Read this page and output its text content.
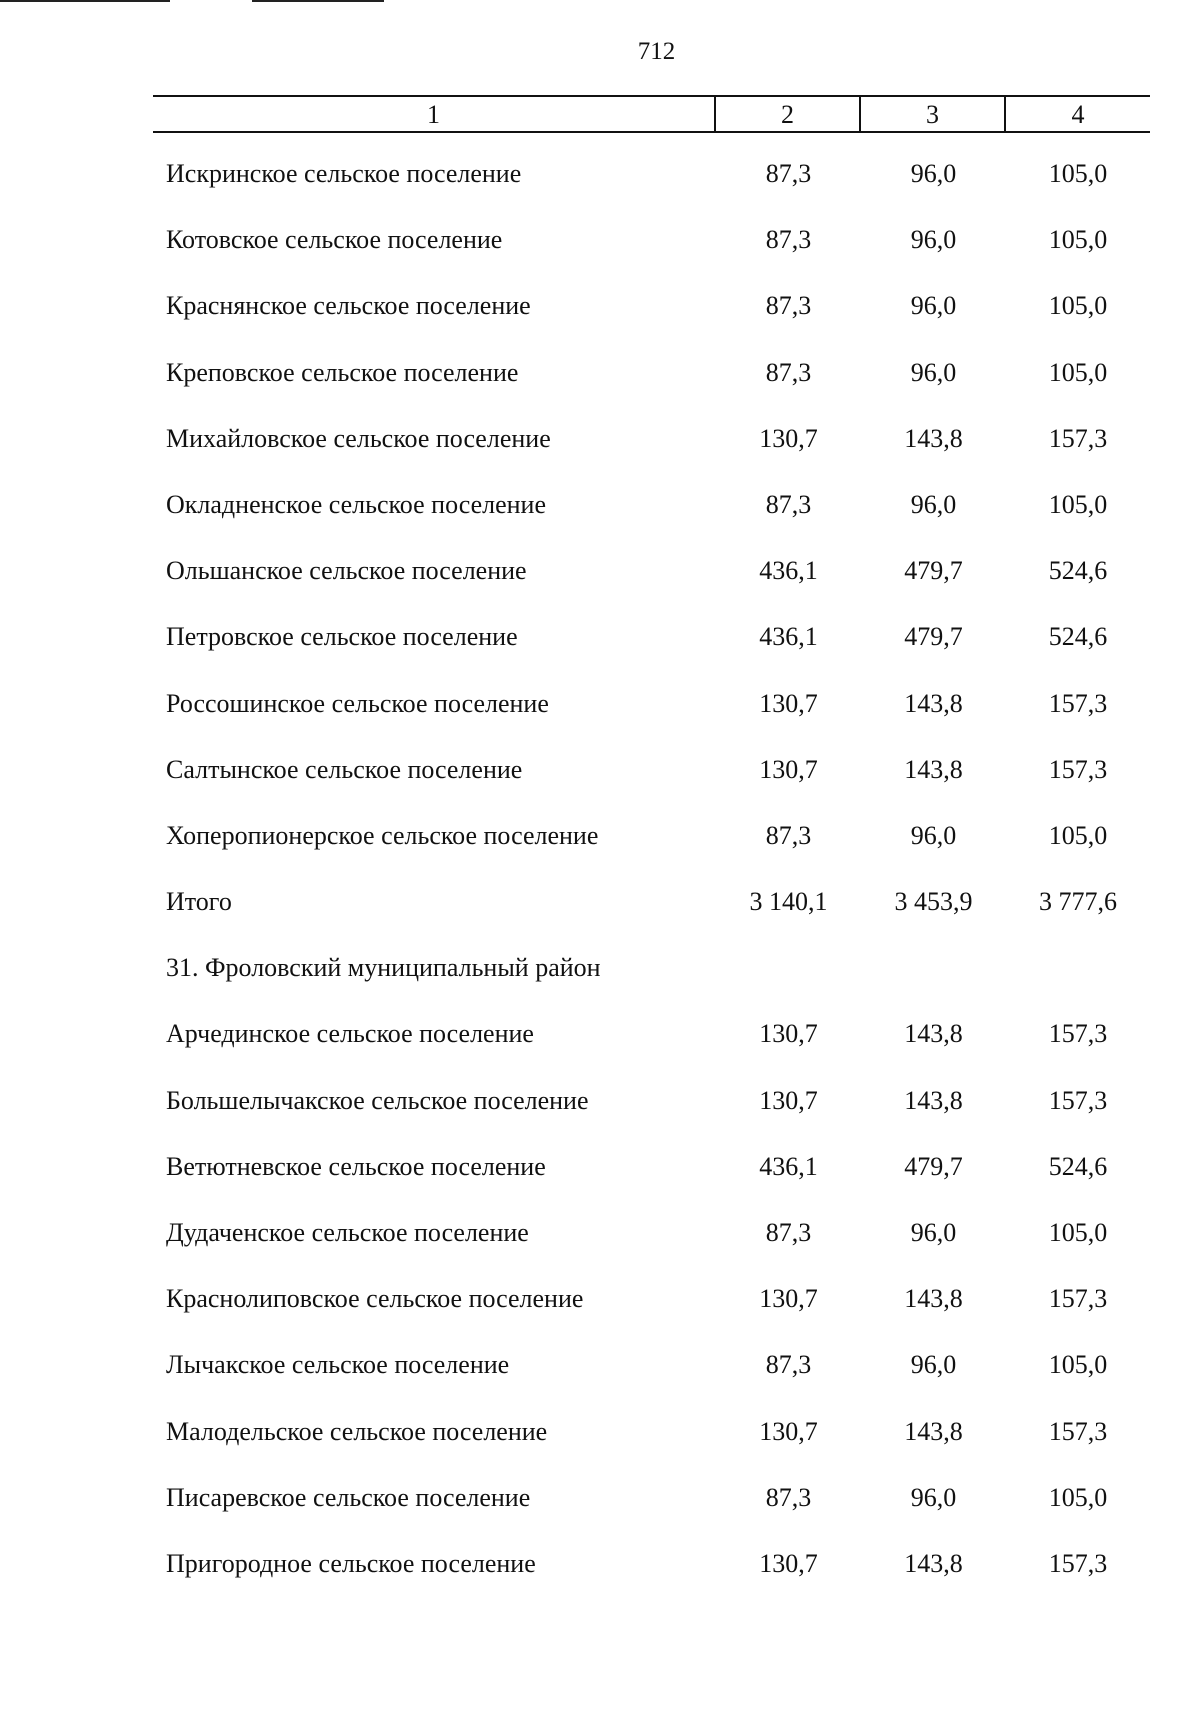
712
1	2	3	4
Искринское сельское поселение	87,3	96,0	105,0
Котовское сельское поселение	87,3	96,0	105,0
Краснянское сельское поселение	87,3	96,0	105,0
Креповское сельское поселение	87,3	96,0	105,0
Михайловское сельское поселение	130,7	143,8	157,3
Окладненское сельское поселение	87,3	96,0	105,0
Ольшанское сельское поселение	436,1	479,7	524,6
Петровское сельское поселение	436,1	479,7	524,6
Россошинское сельское поселение	130,7	143,8	157,3
Салтынское сельское поселение	130,7	143,8	157,3
Хоперопионерское сельское поселение	87,3	96,0	105,0
Итого	3 140,1	3 453,9	3 777,6
31. Фроловский муниципальный район
Арчединское сельское поселение	130,7	143,8	157,3
Большелычакское сельское поселение	130,7	143,8	157,3
Ветютневское сельское поселение	436,1	479,7	524,6
Дудаченское сельское поселение	87,3	96,0	105,0
Краснолиповское сельское поселение	130,7	143,8	157,3
Лычакское сельское поселение	87,3	96,0	105,0
Малодельское сельское поселение	130,7	143,8	157,3
Писаревское сельское поселение	87,3	96,0	105,0
Пригородное сельское поселение	130,7	143,8	157,3
